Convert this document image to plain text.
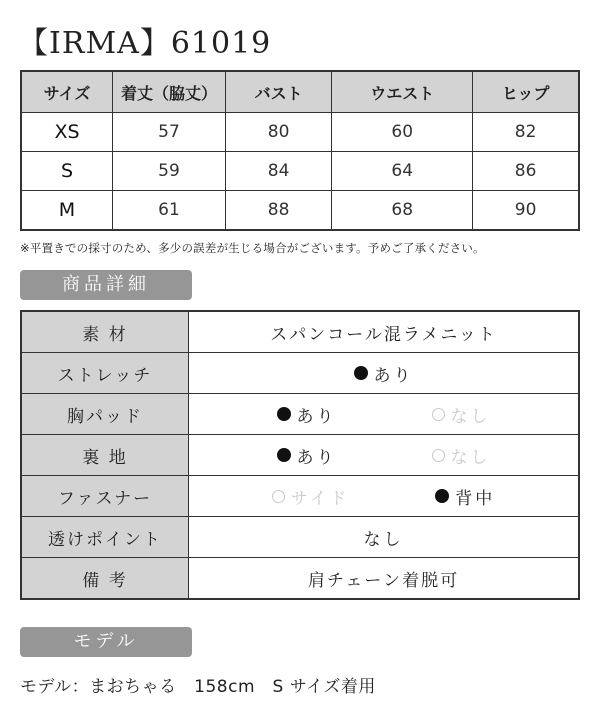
【IRMA】61019
サイズ	着丈（脇丈）	バスト	ウエスト	ヒップ
XS	57	80	60	82
S	59	84	64	86
M	61	88	68	90
※平置きでの採寸のため、多少の誤差が生じる場合がございます。予めご了承ください。
商品詳細
素 材	スパンコール混ラメニット
ストレッチ	あり

胸パッド	あり なし

裏 地	あり なし

ファスナー	サイド 背中

透けポイント	なし
備 考	肩チェーン着脱可
モデル
モデル：まおちゃる　158cm　S サイズ着用
